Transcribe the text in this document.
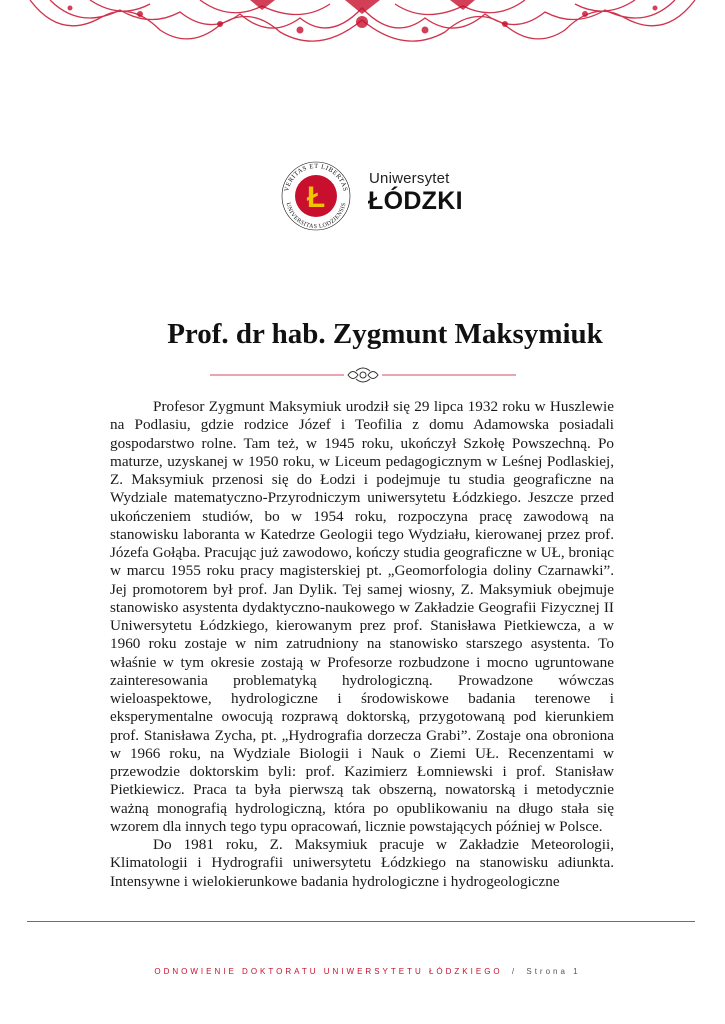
VERITAS ET LIBERTAS
UNIVERSITAS LODZIENSIS
Ł
Uniwersytet
ŁÓDZKI
Prof. dr hab. Zygmunt Maksymiuk

Profesor Zygmunt Maksymiuk urodził się 29 lipca 1932 roku w Huszlewie na Podlasiu, gdzie rodzice Józef i Teofilia z domu Adamowska posiadali gospodarstwo rolne. Tam też, w 1945 roku, ukończył Szkołę Powszechną. Po maturze, uzyskanej w 1950 roku, w Liceum pedagogicznym w Leśnej Podlaskiej, Z. Maksymiuk przenosi się do Łodzi i podejmuje tu studia geograficzne na Wydziale matematyczno-Przyrodniczym uniwersytetu Łódzkiego. Jeszcze przed ukończeniem studiów, bo w 1954 roku, rozpoczyna pracę zawodową na stanowisku laboranta w Katedrze Geologii tego Wydziału, kierowanej przez prof. Józefa Gołąba. Pracując już zawodowo, kończy studia geograficzne w UŁ, broniąc w marcu 1955 roku pracy magisterskiej pt. „Geomorfologia doliny Czarnawki”. Jej promotorem był prof. Jan Dylik. Tej samej wiosny, Z. Maksymiuk obejmuje stanowisko asystenta dydaktyczno-naukowego w Zakładzie Geografii Fizycznej II Uniwersytetu Łódzkiego, kierowanym prez prof. Stanisława Pietkiewcza, a w 1960 roku zostaje w nim zatrudniony na stanowisko starszego asystenta. To właśnie w tym okresie zostają w Profesorze rozbudzone i mocno ugruntowane zainteresowania problematyką hydrologiczną. Prowadzone wówczas wieloaspektowe, hydrologiczne i środowiskowe badania terenowe i eksperymentalne owocują rozprawą doktorską, przygotowaną pod kierunkiem prof. Stanisława Zycha, pt. „Hydrografia dorzecza Grabi”. Zostaje ona obroniona w 1966 roku, na Wydziale Biologii i Nauk o Ziemi UŁ. Recenzentami w przewodzie doktorskim byli: prof. Kazimierz Łomniewski i prof. Stanisław Pietkiewicz. Praca ta była pierwszą tak obszerną, nowatorską i metodycznie ważną monografią hydrologiczną, która po opublikowaniu na długo stała się wzorem dla innych tego typu opracowań, licznie powstających później w Polsce.

Do 1981 roku, Z. Maksymiuk pracuje w Zakładzie Meteorologii, Klimatologii i Hydrografii uniwersytetu Łódzkiego na stanowisku adiunkta. Intensywne i wielokierunkowe badania hydrologiczne i hydrogeologiczne

ODNOWIENIE DOKTORATU UNIWERSYTETU ŁÓDZKIEGO / Strona 1
